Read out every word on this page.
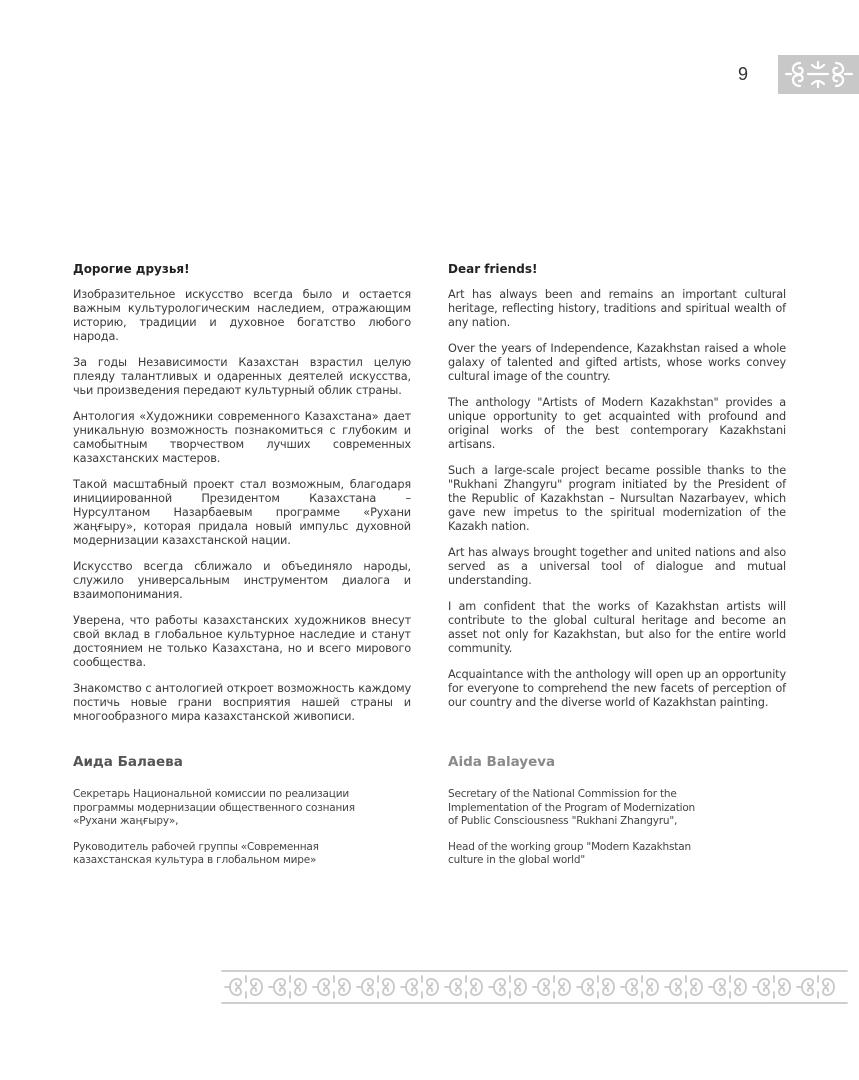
9

Дорогие друзья!

Изобразительное искусство всегда было и остается важным культурологическим наследием, отражающим историю, традиции и духовное богатство любого народа.

За годы Независимости Казахстан взрастил целую плеяду талантливых и одаренных деятелей искусства, чьи произведения передают культурный облик страны.

Антология «Художники современного Казахстана» дает уникальную возможность познакомиться с глубоким и самобытным творчеством лучших современных казахстанских мастеров.

Такой масштабный проект стал возможным, благодаря инициированной Президентом Казахстана – Нурсултаном Назарбаевым программе «Рухани жаңғыру», которая придала новый импульс духовной модернизации казахстанской нации.

Искусство всегда сближало и объединяло народы, служило универсальным инструментом диалога и взаимопонимания.

Уверена, что работы казахстанских художников внесут свой вклад в глобальное культурное наследие и станут достоянием не только Казахстана, но и всего мирового сообщества.

Знакомство с антологией откроет возможность каждому постичь новые грани восприятия нашей страны и многообразного мира казахстанской живописи.

Dear friends!

Art has always been and remains an important cultural heritage, reflecting history, traditions and spiritual wealth of any nation.

Over the years of Independence, Kazakhstan raised a whole galaxy of talented and gifted artists, whose works convey cultural image of the country.

The anthology "Artists of Modern Kazakhstan" provides a unique opportunity to get acquainted with profound and original works of the best contemporary Kazakhstani artisans.

Such a large-scale project became possible thanks to the "Rukhani Zhangyru" program initiated by the President of the Republic of Kazakhstan – Nursultan Nazarbayev, which gave new impetus to the spiritual modernization of the Kazakh nation.

Art has always brought together and united nations and also served as a universal tool of dialogue and mutual understanding.

I am confident that the works of Kazakhstan artists will contribute to the global cultural heritage and become an asset not only for Kazakhstan, but also for the entire world community.

Acquaintance with the anthology will open up an opportunity for everyone to comprehend the new facets of perception of our country and the diverse world of Kazakhstan painting.

Аида Балаева

Секретарь Национальной комиссии по реализации
программы модернизации общественного сознания
«Рухани жаңғыру»,

Руководитель рабочей группы «Современная
казахстанская культура в глобальном мире»

Aida Balayeva

Secretary of the National Commission for the
Implementation of the Program of Modernization
of Public Consciousness "Rukhani Zhangyru",

Head of the working group "Modern Kazakhstan
culture in the global world"
